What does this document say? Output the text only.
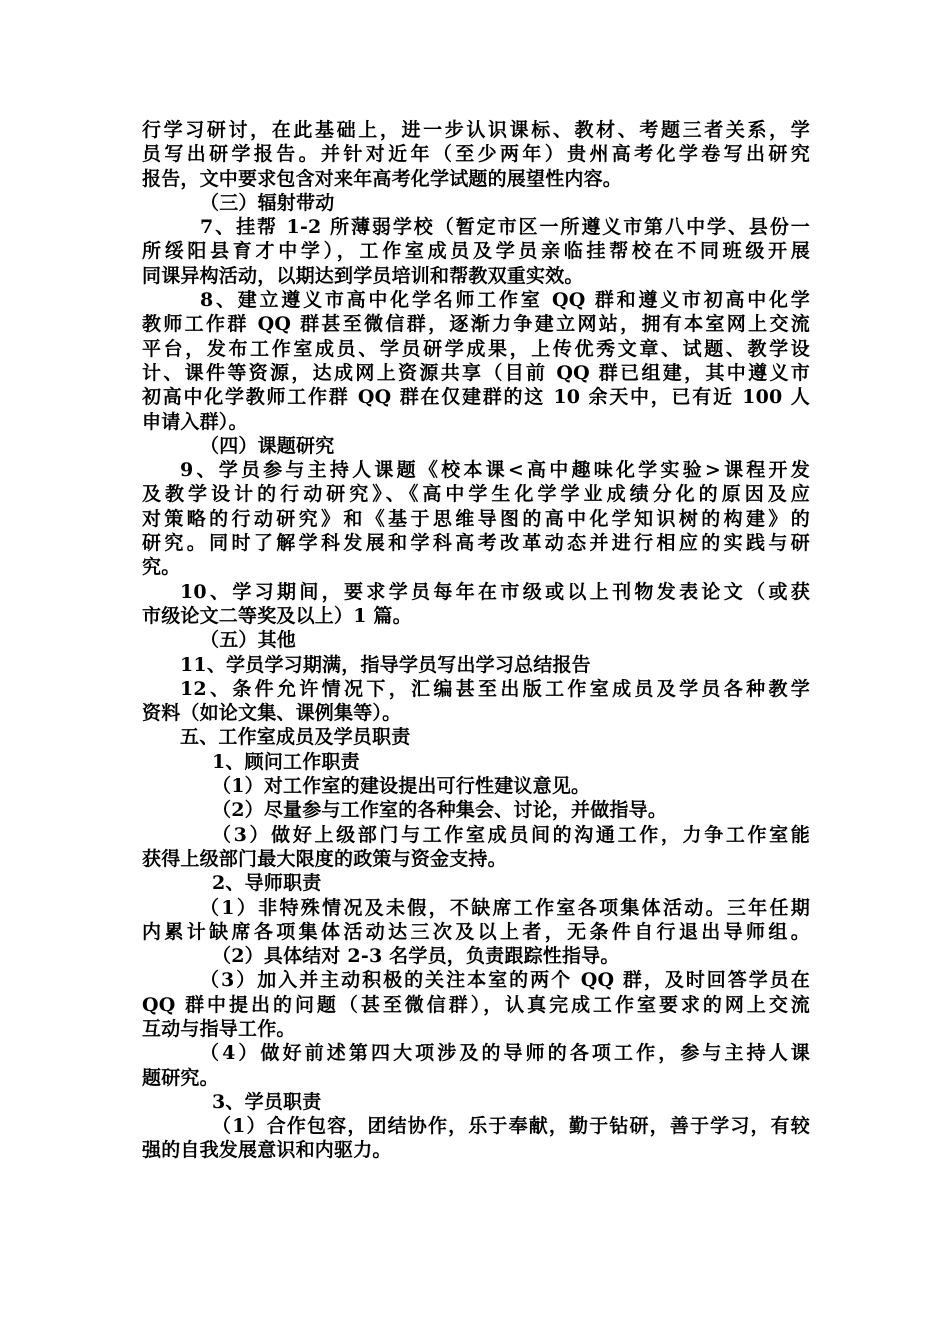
行学习研讨，在此基础上，进一步认识课标、教材、考题三者关系，学
员写出研学报告。并针对近年（至少两年）贵州高考化学卷写出研究
报告，文中要求包含对来年高考化学试题的展望性内容。
（三）辐射带动
7、挂帮 1-2 所薄弱学校（暂定市区一所遵义市第八中学、县份一
所绥阳县育才中学），工作室成员及学员亲临挂帮校在不同班级开展
同课异构活动，以期达到学员培训和帮教双重实效。
8、建立遵义市高中化学名师工作室 QQ 群和遵义市初高中化学
教师工作群 QQ 群甚至微信群，逐渐力争建立网站，拥有本室网上交流
平台，发布工作室成员、学员研学成果，上传优秀文章、试题、教学设
计、课件等资源，达成网上资源共享（目前 QQ 群已组建，其中遵义市
初高中化学教师工作群 QQ 群在仅建群的这 10 余天中，已有近 100 人
申请入群）。
（四）课题研究
9、学员参与主持人课题《校本课<高中趣味化学实验>课程开发
及教学设计的行动研究》、《高中学生化学学业成绩分化的原因及应
对策略的行动研究》和《基于思维导图的高中化学知识树的构建》的
研究。同时了解学科发展和学科高考改革动态并进行相应的实践与研
究。
10、学习期间，要求学员每年在市级或以上刊物发表论文（或获
市级论文二等奖及以上）1 篇。
（五）其他
11、学员学习期满，指导学员写出学习总结报告
12、条件允许情况下，汇编甚至出版工作室成员及学员各种教学
资料（如论文集、课例集等）。
五、工作室成员及学员职责
1、顾问工作职责
（1）对工作室的建设提出可行性建议意见。
（2）尽量参与工作室的各种集会、讨论，并做指导。
（3）做好上级部门与工作室成员间的沟通工作，力争工作室能
获得上级部门最大限度的政策与资金支持。
2、导师职责
（1）非特殊情况及未假，不缺席工作室各项集体活动。三年任期
内累计缺席各项集体活动达三次及以上者，无条件自行退出导师组。
（2）具体结对 2-3 名学员，负责跟踪性指导。
（3）加入并主动积极的关注本室的两个 QQ 群，及时回答学员在
QQ 群中提出的问题（甚至微信群），认真完成工作室要求的网上交流
互动与指导工作。
（4）做好前述第四大项涉及的导师的各项工作，参与主持人课
题研究。
3、学员职责
（1）合作包容，团结协作，乐于奉献，勤于钻研，善于学习，有较
强的自我发展意识和内驱力。
